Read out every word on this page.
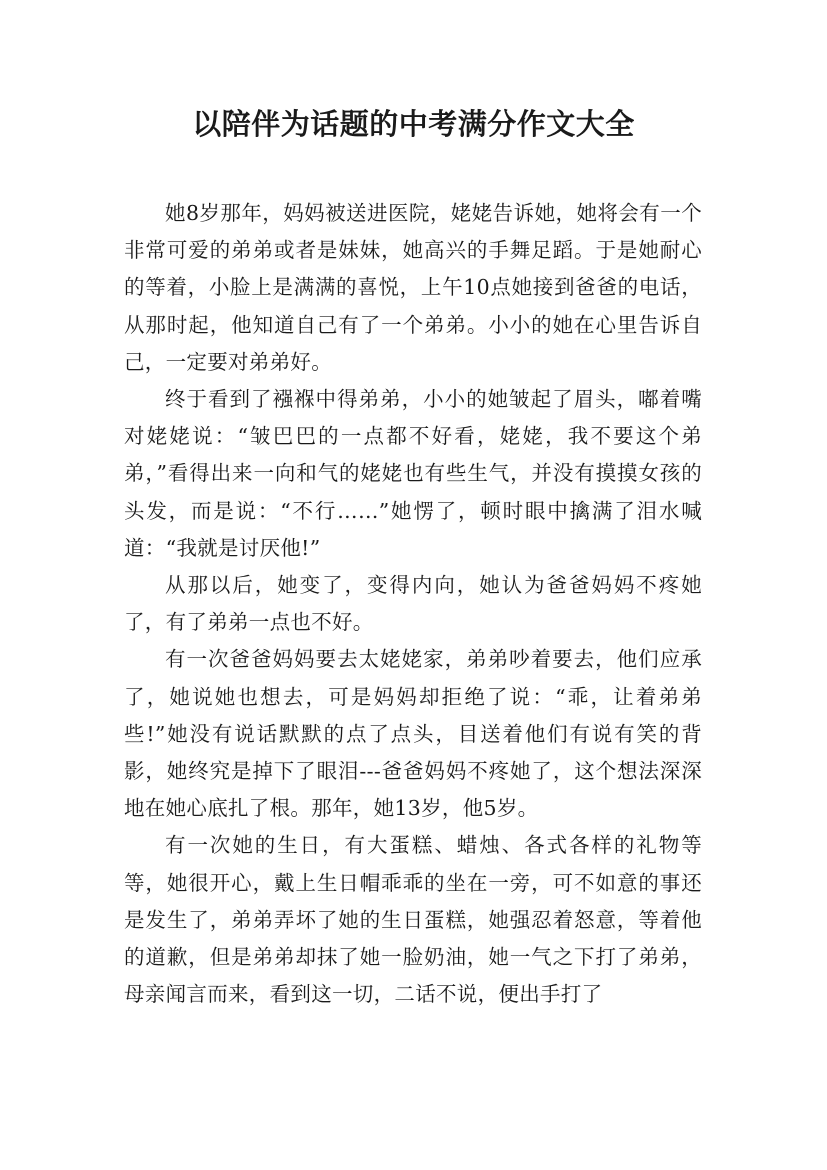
以陪伴为话题的中考满分作文大全

她8岁那年，妈妈被送进医院，姥姥告诉她，她将会有一个非常可爱的弟弟或者是妹妹，她高兴的手舞足蹈。于是她耐心的等着，小脸上是满满的喜悦，上午10点她接到爸爸的电话，从那时起，他知道自己有了一个弟弟。小小的她在心里告诉自己，一定要对弟弟好。

终于看到了襁褓中得弟弟，小小的她皱起了眉头，嘟着嘴对姥姥说：“皱巴巴的一点都不好看，姥姥，我不要这个弟弟，”看得出来一向和气的姥姥也有些生气，并没有摸摸女孩的头发，而是说：“不行……”她愣了，顿时眼中擒满了泪水喊道：“我就是讨厌他!”

从那以后，她变了，变得内向，她认为爸爸妈妈不疼她了，有了弟弟一点也不好。

有一次爸爸妈妈要去太姥姥家，弟弟吵着要去，他们应承了，她说她也想去，可是妈妈却拒绝了说：“乖，让着弟弟些!”她没有说话默默的点了点头，目送着他们有说有笑的背影，她终究是掉下了眼泪---爸爸妈妈不疼她了，这个想法深深地在她心底扎了根。那年，她13岁，他5岁。

有一次她的生日，有大蛋糕、蜡烛、各式各样的礼物等等，她很开心，戴上生日帽乖乖的坐在一旁，可不如意的事还是发生了，弟弟弄坏了她的生日蛋糕，她强忍着怒意，等着他的道歉，但是弟弟却抹了她一脸奶油，她一气之下打了弟弟，母亲闻言而来，看到这一切，二话不说，便出手打了
